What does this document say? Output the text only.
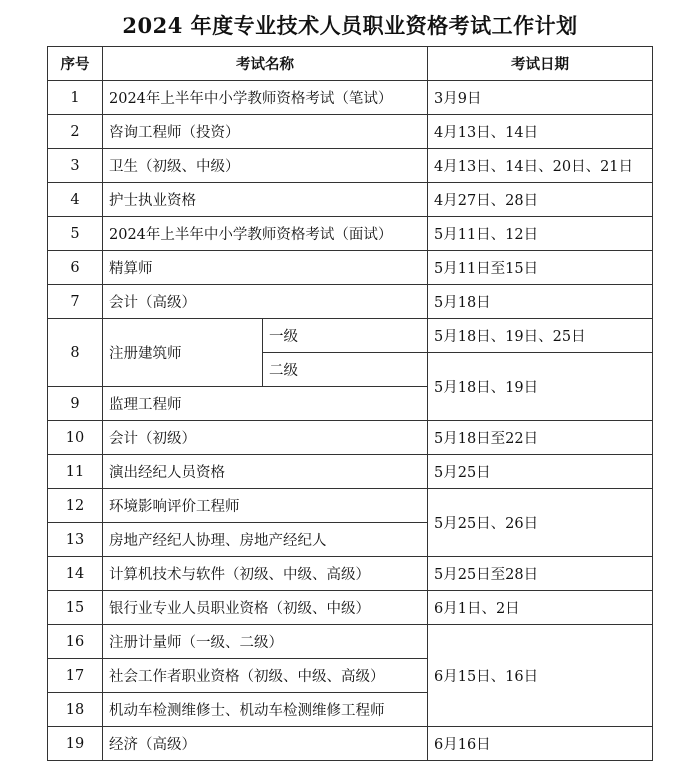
2024 年度专业技术人员职业资格考试工作计划
序号	考试名称		考试日期
1	2024年上半年中小学教师资格考试（笔试）		3月9日
2	咨询工程师（投资）		4月13日、14日
3	卫生（初级、中级）		4月13日、14日、20日、21日
4	护士执业资格		4月27日、28日
5	2024年上半年中小学教师资格考试（面试）		5月11日、12日
6	精算师		5月11日至15日
7	会计（高级）		5月18日
8	注册建筑师	一级	5月18日、19日、25日
		二级	5月18日、19日
9	监理工程师		
10	会计（初级）		5月18日至22日
11	演出经纪人员资格		5月25日
12	环境影响评价工程师		5月25日、26日
13	房地产经纪人协理、房地产经纪人		
14	计算机技术与软件（初级、中级、高级）		5月25日至28日
15	银行业专业人员职业资格（初级、中级）		6月1日、2日
16	注册计量师（一级、二级）		6月15日、16日
17	社会工作者职业资格（初级、中级、高级）		
18	机动车检测维修士、机动车检测维修工程师		
19	经济（高级）		6月16日
